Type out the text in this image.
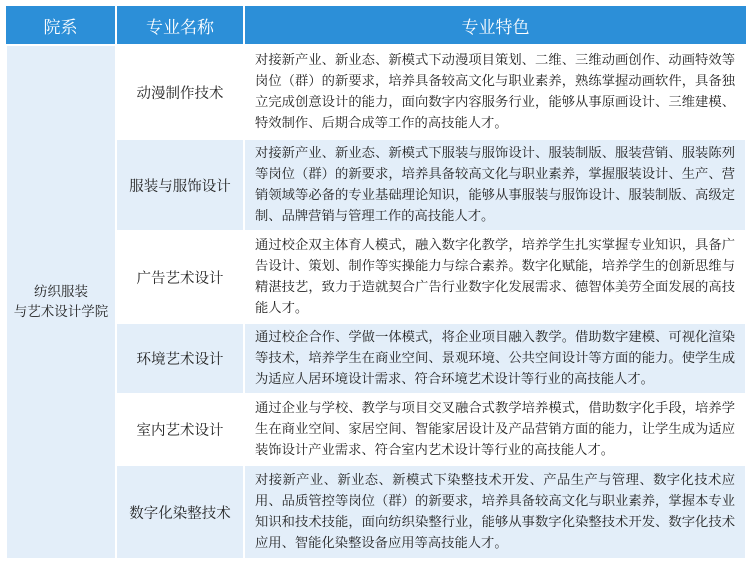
院系	专业名称	专业特色

纺织服装
与艺术设计学院	动漫制作技术	对接新产业、新业态、新模式下动漫项目策划、二维、三维动画创作、动画特效等岗位（群）的新要求，培养具备较高文化与职业素养，熟练掌握动画软件，具备独立完成创意设计的能力，面向数字内容服务行业，能够从事原画设计、三维建模、特效制作、后期合成等工作的高技能人才。
	服装与服饰设计	对接新产业、新业态、新模式下服装与服饰设计、服装制版、服装营销、服装陈列等岗位（群）的新要求，培养具备较高文化与职业素养，掌握服装设计、生产、营销领域等必备的专业基础理论知识，能够从事服装与服饰设计、服装制版、高级定制、品牌营销与管理工作的高技能人才。
	广告艺术设计	通过校企双主体育人模式，融入数字化教学，培养学生扎实掌握专业知识，具备广告设计、策划、制作等实操能力与综合素养。数字化赋能，培养学生的创新思维与精湛技艺，致力于造就契合广告行业数字化发展需求、德智体美劳全面发展的高技能人才。
	环境艺术设计	通过校企合作、学做一体模式，将企业项目融入教学。借助数字建模、可视化渲染等技术，培养学生在商业空间、景观环境、公共空间设计等方面的能力。使学生成为适应人居环境设计需求、符合环境艺术设计等行业的高技能人才。
	室内艺术设计	通过企业与学校、教学与项目交叉融合式教学培养模式，借助数字化手段，培养学生在商业空间、家居空间、智能家居设计及产品营销方面的能力，让学生成为适应装饰设计产业需求、符合室内艺术设计等行业的高技能人才。
	数字化染整技术	对接新产业、新业态、新模式下染整技术开发、产品生产与管理、数字化技术应用、品质管控等岗位（群）的新要求，培养具备较高文化与职业素养，掌握本专业知识和技术技能，面向纺织染整行业，能够从事数字化染整技术开发、数字化技术应用、智能化染整设备应用等高技能人才。
